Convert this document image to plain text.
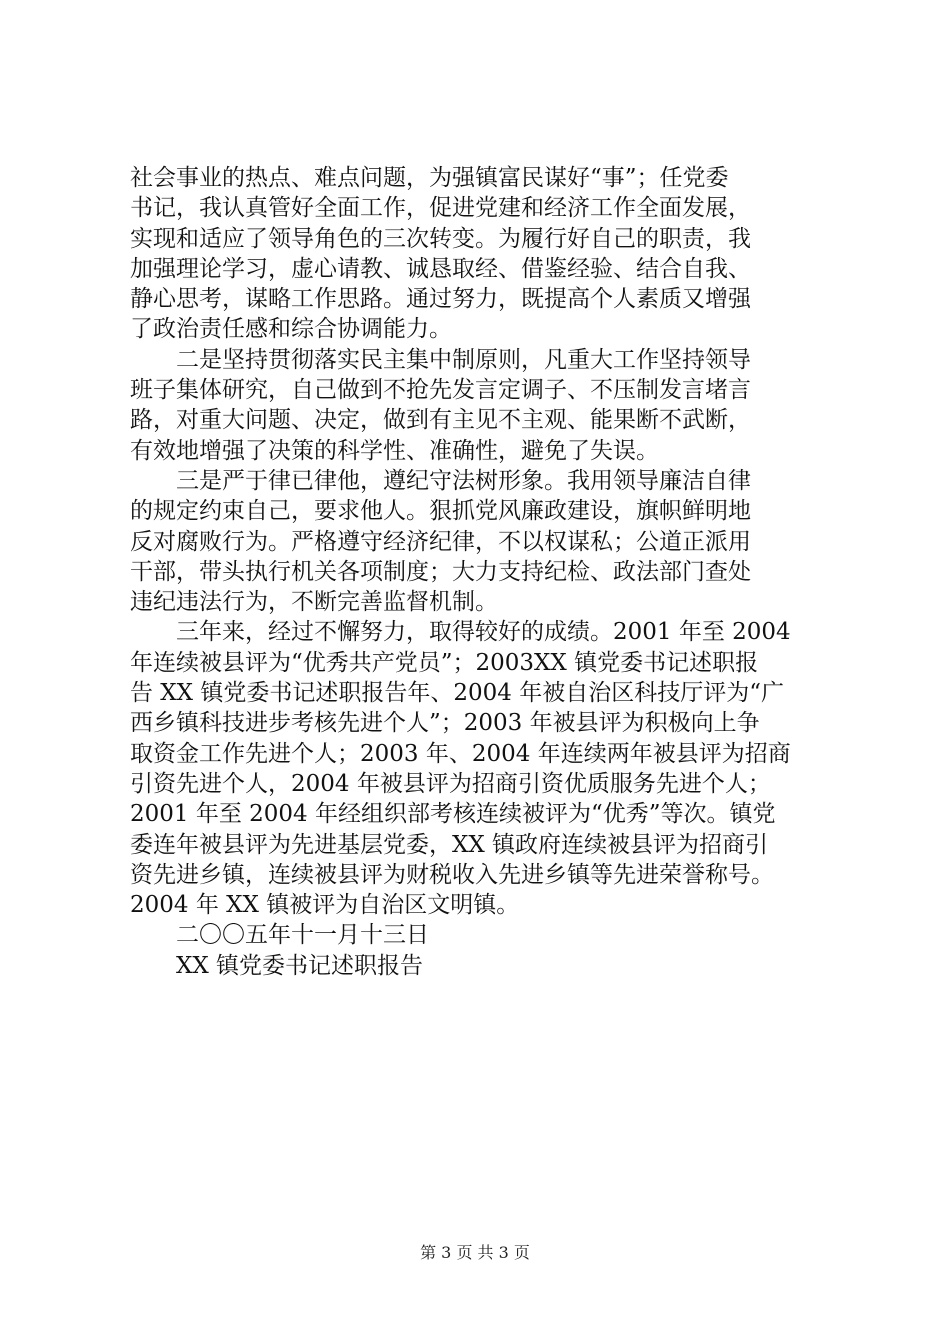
社会事业的热点、难点问题，为强镇富民谋好“事”；任党委
书记，我认真管好全面工作，促进党建和经济工作全面发展，
实现和适应了领导角色的三次转变。为履行好自己的职责，我
加强理论学习，虚心请教、诚恳取经、借鉴经验、结合自我、
静心思考，谋略工作思路。通过努力，既提高个人素质又增强
了政治责任感和综合协调能力。
二是坚持贯彻落实民主集中制原则，凡重大工作坚持领导
班子集体研究，自己做到不抢先发言定调子、不压制发言堵言
路，对重大问题、决定，做到有主见不主观、能果断不武断，
有效地增强了决策的科学性、准确性，避免了失误。
三是严于律已律他，遵纪守法树形象。我用领导廉洁自律
的规定约束自己，要求他人。狠抓党风廉政建设，旗帜鲜明地
反对腐败行为。严格遵守经济纪律，不以权谋私；公道正派用
干部，带头执行机关各项制度；大力支持纪检、政法部门查处
违纪违法行为，不断完善监督机制。
三年来，经过不懈努力，取得较好的成绩。2001 年至 2004
年连续被县评为“优秀共产党员”；2003XX 镇党委书记述职报
告 XX 镇党委书记述职报告年、2004 年被自治区科技厅评为“广
西乡镇科技进步考核先进个人”；2003 年被县评为积极向上争
取资金工作先进个人；2003 年、2004 年连续两年被县评为招商
引资先进个人，2004 年被县评为招商引资优质服务先进个人；
2001 年至 2004 年经组织部考核连续被评为“优秀”等次。镇党
委连年被县评为先进基层党委，XX 镇政府连续被县评为招商引
资先进乡镇，连续被县评为财税收入先进乡镇等先进荣誉称号。
2004 年 XX 镇被评为自治区文明镇。

二〇〇五年十一月十三日

XX 镇党委书记述职报告

第 3 页 共 3 页
